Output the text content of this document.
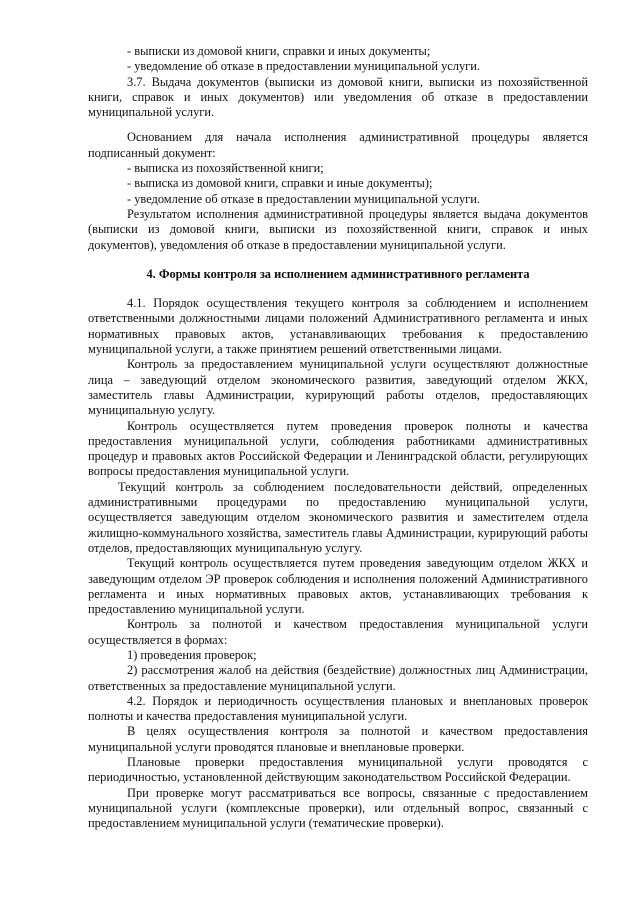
- выписки из домовой книги, справки и иных документы;

- уведомление об отказе в предоставлении муниципальной услуги.

3.7. Выдача документов (выписки из домовой книги, выписки из похозяйственной книги, справок и иных документов) или уведомления об отказе в предоставлении муниципальной услуги.

Основанием для начала исполнения административной процедуры является подписанный документ:

- выписка из похозяйственной книги;

- выписка из домовой книги, справки и иные документы);

- уведомление об отказе в предоставлении муниципальной услуги.

Результатом исполнения административной процедуры является выдача документов (выписки из домовой книги, выписки из похозяйственной книги, справок и иных документов), уведомления об отказе в предоставлении муниципальной услуги.

4. Формы контроля за исполнением административного регламента

4.1. Порядок осуществления текущего контроля за соблюдением и исполнением ответственными должностными лицами положений Административного регламента и иных нормативных правовых актов, устанавливающих требования к предоставлению муниципальной услуги, а также принятием решений ответственными лицами.

Контроль за предоставлением муниципальной услуги осуществляют должностные лица – заведующий отделом экономического развития, заведующий отделом ЖКХ, заместитель главы Администрации, курирующий работы отделов, предоставляющих муниципальную услугу.

Контроль осуществляется путем проведения проверок полноты и качества предоставления муниципальной услуги, соблюдения работниками административных процедур и правовых актов Российской Федерации и Ленинградской области, регулирующих вопросы предоставления муниципальной услуги.

Текущий контроль за соблюдением последовательности действий, определенных административными процедурами по предоставлению муниципальной услуги, осуществляется заведующим отделом экономического развития и заместителем отдела жилищно-коммунального хозяйства, заместитель главы Администрации, курирующий работы отделов, предоставляющих муниципальную услугу.

Текущий контроль осуществляется путем проведения заведующим отделом ЖКХ и заведующим отделом ЭР проверок соблюдения и исполнения положений Административного регламента и иных нормативных правовых актов, устанавливающих требования к предоставлению муниципальной услуги.

Контроль за полнотой и качеством предоставления муниципальной услуги осуществляется в формах:

1) проведения проверок;

2) рассмотрения жалоб на действия (бездействие) должностных лиц Администрации, ответственных за предоставление муниципальной услуги.

4.2. Порядок и периодичность осуществления плановых и внеплановых проверок полноты и качества предоставления муниципальной услуги.

В целях осуществления контроля за полнотой и качеством предоставления муниципальной услуги проводятся плановые и внеплановые проверки.

Плановые проверки предоставления муниципальной услуги проводятся с периодичностью, установленной действующим законодательством Российской Федерации.

При проверке могут рассматриваться все вопросы, связанные с предоставлением муниципальной услуги (комплексные проверки), или отдельный вопрос, связанный с предоставлением муниципальной услуги (тематические проверки).
